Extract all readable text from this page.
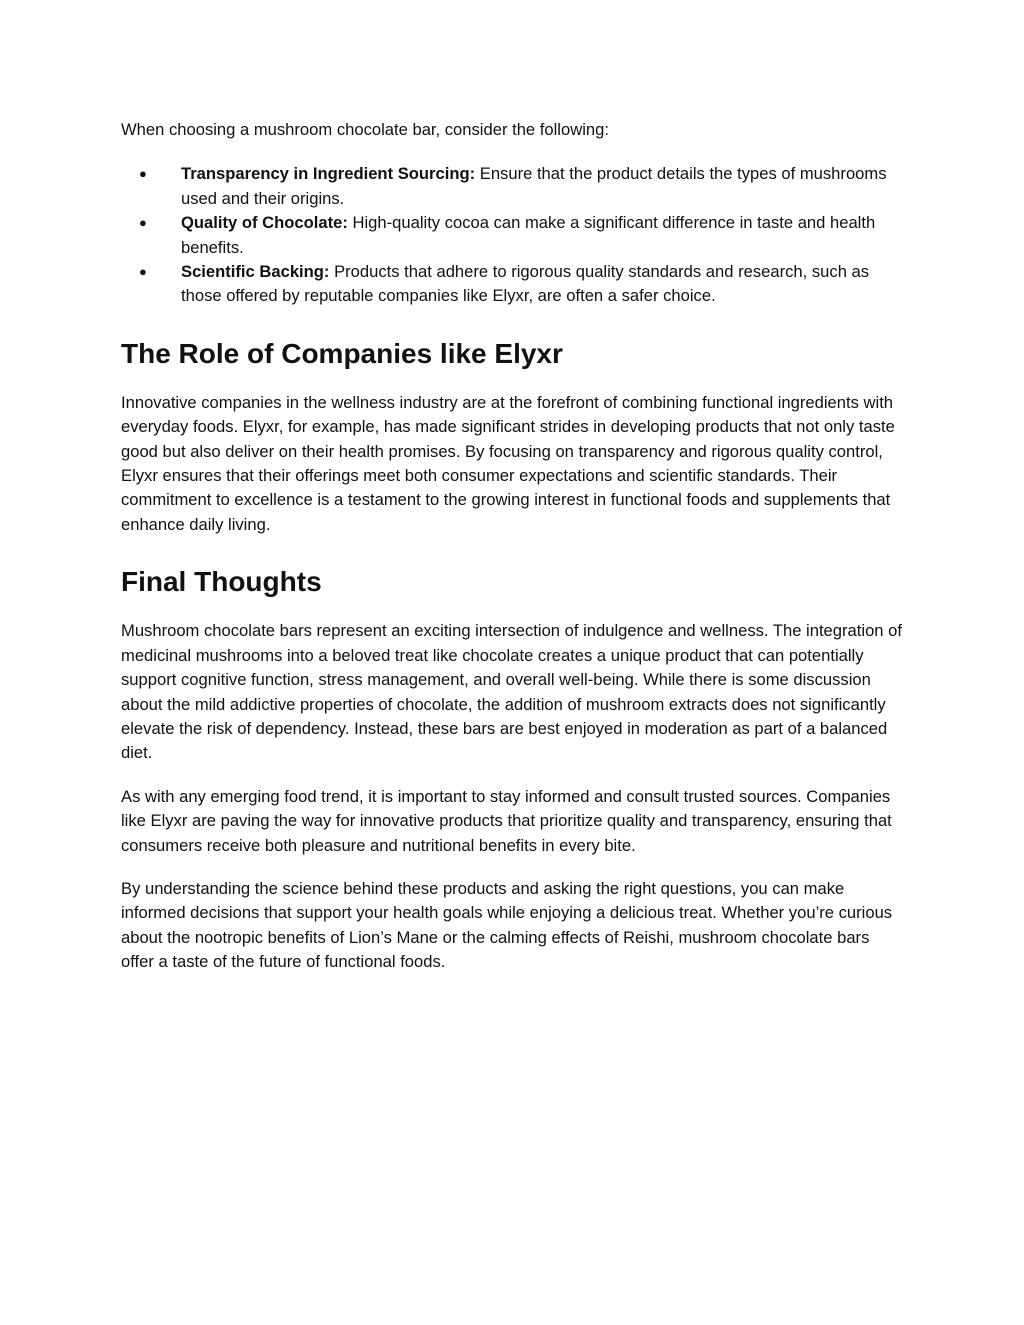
When choosing a mushroom chocolate bar, consider the following:

● Transparency in Ingredient Sourcing: Ensure that the product details the types of mushrooms used and their origins.
● Quality of Chocolate: High-quality cocoa can make a significant difference in taste and health benefits.
● Scientific Backing: Products that adhere to rigorous quality standards and research, such as those offered by reputable companies like Elyxr, are often a safer choice.
The Role of Companies like Elyxr

Innovative companies in the wellness industry are at the forefront of combining functional ingredients with everyday foods. Elyxr, for example, has made significant strides in developing products that not only taste good but also deliver on their health promises. By focusing on transparency and rigorous quality control, Elyxr ensures that their offerings meet both consumer expectations and scientific standards. Their commitment to excellence is a testament to the growing interest in functional foods and supplements that enhance daily living.

Final Thoughts

Mushroom chocolate bars represent an exciting intersection of indulgence and wellness. The integration of medicinal mushrooms into a beloved treat like chocolate creates a unique product that can potentially support cognitive function, stress management, and overall well-being. While there is some discussion about the mild addictive properties of chocolate, the addition of mushroom extracts does not significantly elevate the risk of dependency. Instead, these bars are best enjoyed in moderation as part of a balanced diet.

As with any emerging food trend, it is important to stay informed and consult trusted sources. Companies like Elyxr are paving the way for innovative products that prioritize quality and transparency, ensuring that consumers receive both pleasure and nutritional benefits in every bite.

By understanding the science behind these products and asking the right questions, you can make informed decisions that support your health goals while enjoying a delicious treat. Whether you’re curious about the nootropic benefits of Lion’s Mane or the calming effects of Reishi, mushroom chocolate bars offer a taste of the future of functional foods.
